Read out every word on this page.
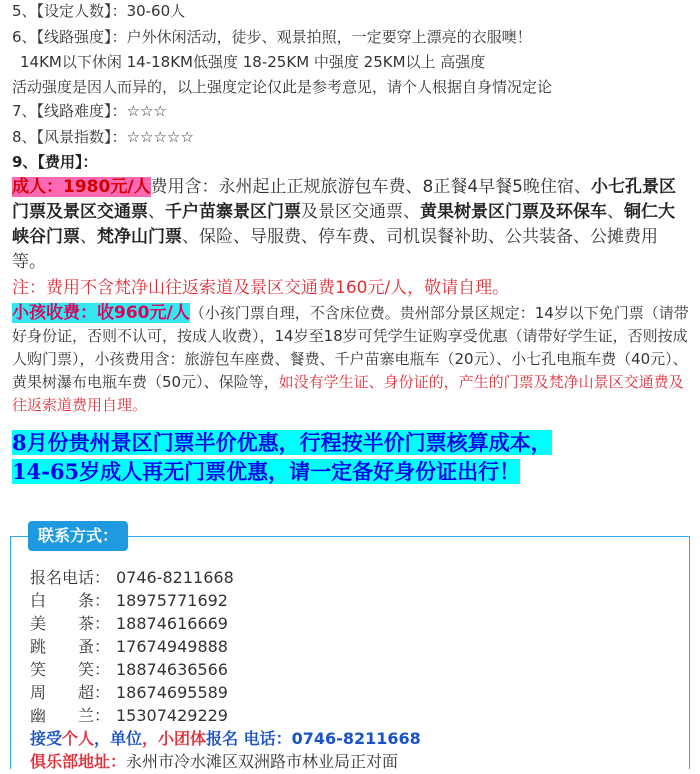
5、【设定人数】：30-60人
6、【线路强度】：户外休闲活动，徒步、观景拍照，一定要穿上漂亮的衣服噢！
14KM以下休闲 14-18KM低强度 18-25KM 中强度 25KM以上 高强度
活动强度是因人而异的，以上强度定论仅此是参考意见，请个人根据自身情况定论
7、【线路难度】：☆☆☆
8、【风景指数】：☆☆☆☆☆
9、【费用】：
成人：1980元/人费用含：永州起止正规旅游包车费、8正餐4早餐5晚住宿、小七孔景区门票及景区交通票、千户苗寨景区门票及景区交通票、黄果树景区门票及环保车、铜仁大峡谷门票、梵净山门票、保险、导服费、停车费、司机误餐补助、公共装备、公摊费用等。
注：费用不含梵净山往返索道及景区交通费160元/人，敬请自理。
小孩收费：收960元/人（小孩门票自理，不含床位费。贵州部分景区规定：14岁以下免门票（请带好身份证，否则不认可，按成人收费），14岁至18岁可凭学生证购享受优惠（请带好学生证，否则按成人购门票），小孩费用含：旅游包车座费、餐费、千户苗寨电瓶车（20元）、小七孔电瓶车费（40元）、黄果树瀑布电瓶车费（50元）、保险等，如没有学生证、身份证的，产生的门票及梵净山景区交通费及往返索道费用自理。
8月份贵州景区门票半价优惠，行程按半价门票核算成本，
14-65岁成人再无门票优惠，请一定备好身份证出行！
联系方式：
报名电话： 0746-8211668
白　　条： 18975771692
美　　茶： 18874616669
跳　　蚤： 17674949888
笑　　笑： 18874636566
周　　超： 18674695589
幽　　兰： 15307429229
接受个人，单位，小团体报名 电话：0746-8211668
俱乐部地址：永州市冷水滩区双洲路市林业局正对面
